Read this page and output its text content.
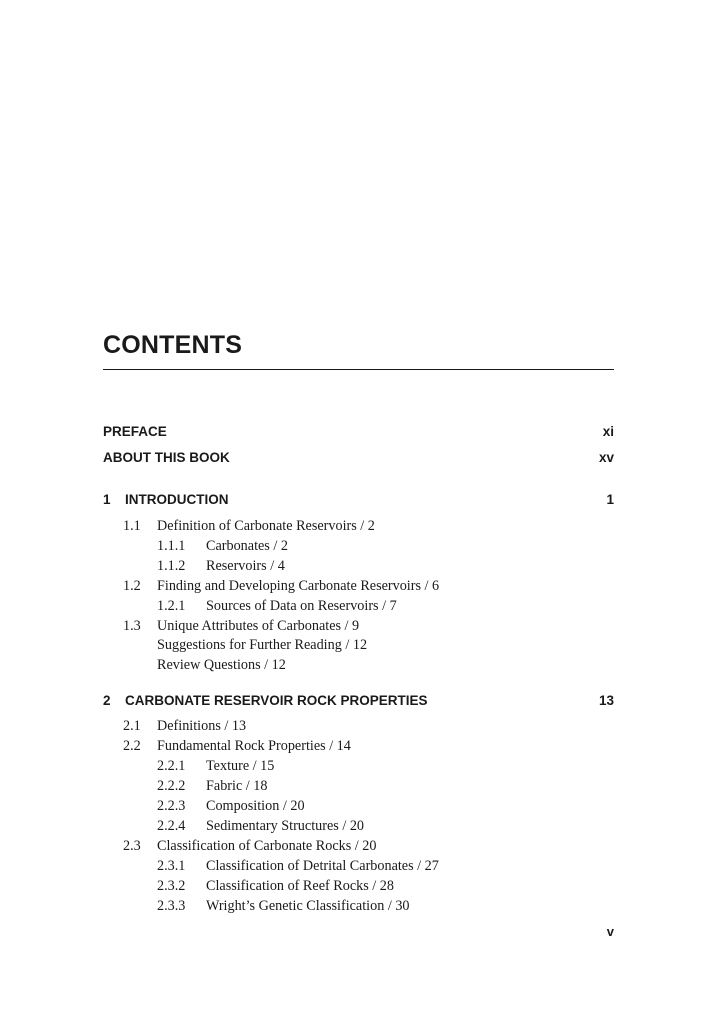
CONTENTS
PREFACE	xi
ABOUT THIS BOOK	xv
1 INTRODUCTION	1
1.1 Definition of Carbonate Reservoirs / 2
1.1.1 Carbonates / 2
1.1.2 Reservoirs / 4
1.2 Finding and Developing Carbonate Reservoirs / 6
1.2.1 Sources of Data on Reservoirs / 7
1.3 Unique Attributes of Carbonates / 9
Suggestions for Further Reading / 12
Review Questions / 12
2 CARBONATE RESERVOIR ROCK PROPERTIES	13
2.1 Definitions / 13
2.2 Fundamental Rock Properties / 14
2.2.1 Texture / 15
2.2.2 Fabric / 18
2.2.3 Composition / 20
2.2.4 Sedimentary Structures / 20
2.3 Classification of Carbonate Rocks / 20
2.3.1 Classification of Detrital Carbonates / 27
2.3.2 Classification of Reef Rocks / 28
2.3.3 Wright’s Genetic Classification / 30
v
